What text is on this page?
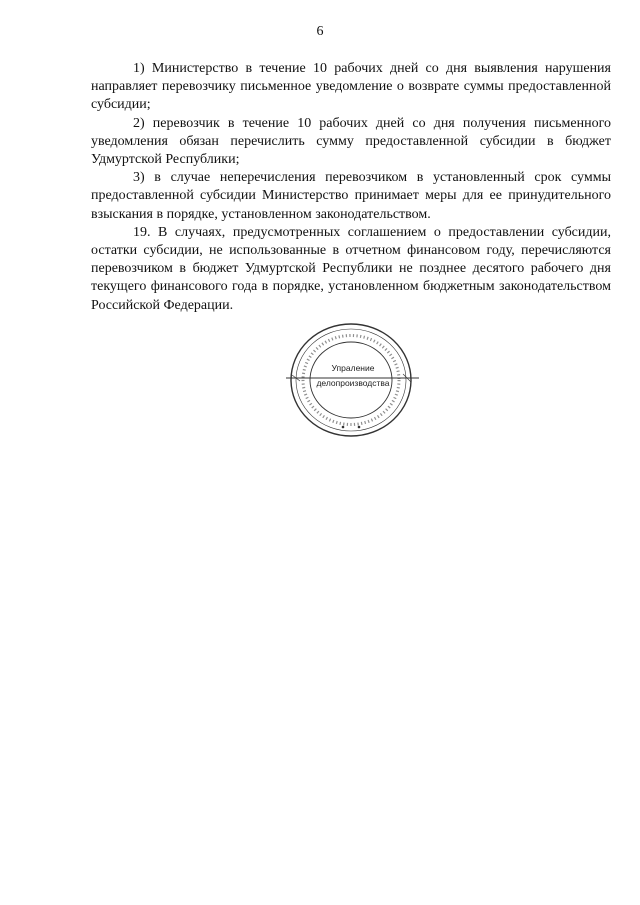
6

1) Министерство в течение 10 рабочих дней со дня выявления нарушения направляет перевозчику письменное уведомление о возврате суммы предоставленной субсидии;

2) перевозчик в течение 10 рабочих дней со дня получения письменного уведомления обязан перечислить сумму предоставленной субсидии в бюджет Удмуртской Республики;

3) в случае неперечисления перевозчиком в установленный срок суммы предоставленной субсидии Министерство принимает меры для ее принудительного взыскания в порядке, установленном законодательством.

19. В случаях, предусмотренных соглашением о предоставлении субсидии, остатки субсидии, не использованные в отчетном финансовом году, перечисляются перевозчиком в бюджет Удмуртской Республики не позднее десятого рабочего дня текущего финансового года в порядке, установленном бюджетным законодательством Российской Федерации.

Упраление
делопроизводства
